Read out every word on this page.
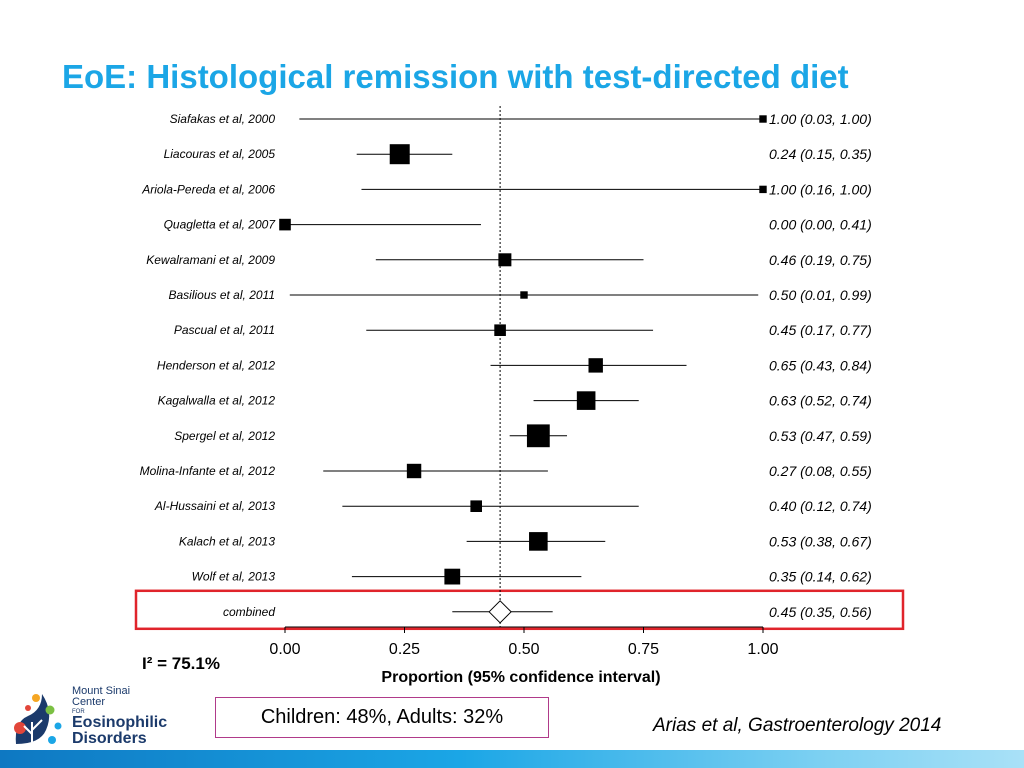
EoE: Histological remission with test-directed diet
Siafakas et al, 2000	1.00 (0.03, 1.00)
Liacouras et al, 2005	0.24 (0.15, 0.35)
Ariola-Pereda et al, 2006	1.00 (0.16, 1.00)
Quagletta et al, 2007	0.00 (0.00, 0.41)
Kewalramani et al, 2009	0.46 (0.19, 0.75)
Basilious et al, 2011	0.50 (0.01, 0.99)
Pascual et al, 2011	0.45 (0.17, 0.77)
Henderson et al, 2012	0.65 (0.43, 0.84)
Kagalwalla et al, 2012	0.63 (0.52, 0.74)
Spergel et al, 2012	0.53 (0.47, 0.59)
Molina-Infante et al, 2012	0.27 (0.08, 0.55)
Al-Hussaini et al, 2013	0.40 (0.12, 0.74)
Kalach et al, 2013	0.53 (0.38, 0.67)
Wolf et al, 2013	0.35 (0.14, 0.62)
combined	0.45 (0.35, 0.56)
0.00	0.25	0.50	0.75	1.00
Proportion (95% confidence interval)
I² = 75.1%
Mount Sinai
Center
FOR
Eosinophilic
Disorders
Children: 48%, Adults: 32%	Arias et al, Gastroenterology 2014
